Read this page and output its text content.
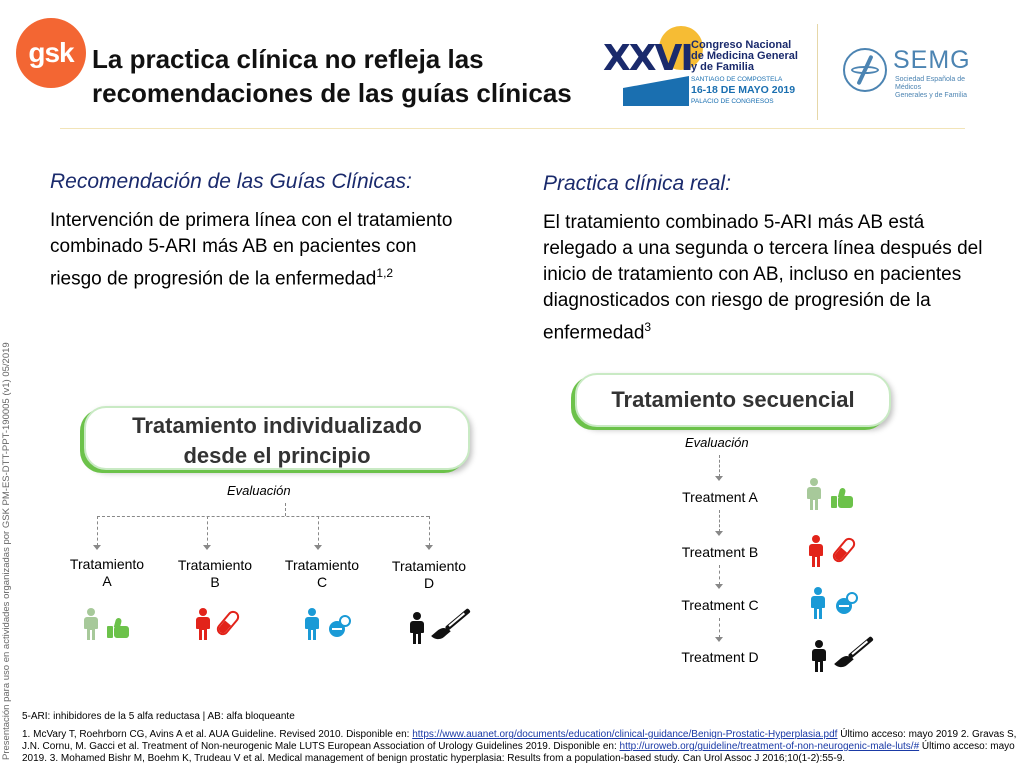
gsk La practica clínica no refleja las
recomendaciones de las guías clínicas
XXVI Congreso Nacional
de Medicina General
y de Familia
SANTIAGO DE COMPOSTELA
16-18 DE MAYO 2019
PALACIO DE CONGRESOS
SEMG
Sociedad Española de Médicos
Generales y de Familia
Presentación para uso en actividades organizadas por GSK PM-ES-DTT-PPT-190005 (v1) 05/2019
Recomendación de las Guías Clínicas:
Intervención de primera línea con el tratamiento combinado 5-ARI más AB en pacientes con riesgo de progresión de la enfermedad$^{1,2}$
Tratamiento individualizado
desde el principio
Evaluación
Tratamiento
A
Tratamiento
B
Tratamiento
C
Tratamiento
D
Practica clínica real:
El tratamiento combinado 5-ARI más AB está relegado a una segunda o tercera línea después del inicio de tratamiento con AB, incluso en pacientes diagnosticados con riesgo de progresión de la enfermedad$^3$
Tratamiento secuencial
Evaluación
Treatment A
Treatment B
Treatment C
Treatment D
5-ARI: inhibidores de la 5 alfa reductasa | AB: alfa bloqueante
1. McVary T, Roehrborn CG, Avins A et al. AUA Guideline. Revised 2010. Disponible en: https://www.auanet.org/documents/education/clinical-guidance/Benign-Prostatic-Hyperplasia.pdf Último acceso: mayo 2019 2. Gravas S, J.N. Cornu, M. Gacci et al. Treatment of Non-neurogenic Male LUTS European Association of Urology Guidelines 2019. Disponible en: http://uroweb.org/guideline/treatment-of-non-neurogenic-male-luts/# Último acceso: mayo 2019. 3. Mohamed Bishr M, Boehm K, Trudeau V et al. Medical management of benign prostatic hyperplasia: Results from a population-based study. Can Urol Assoc J 2016;10(1-2):55-9.
